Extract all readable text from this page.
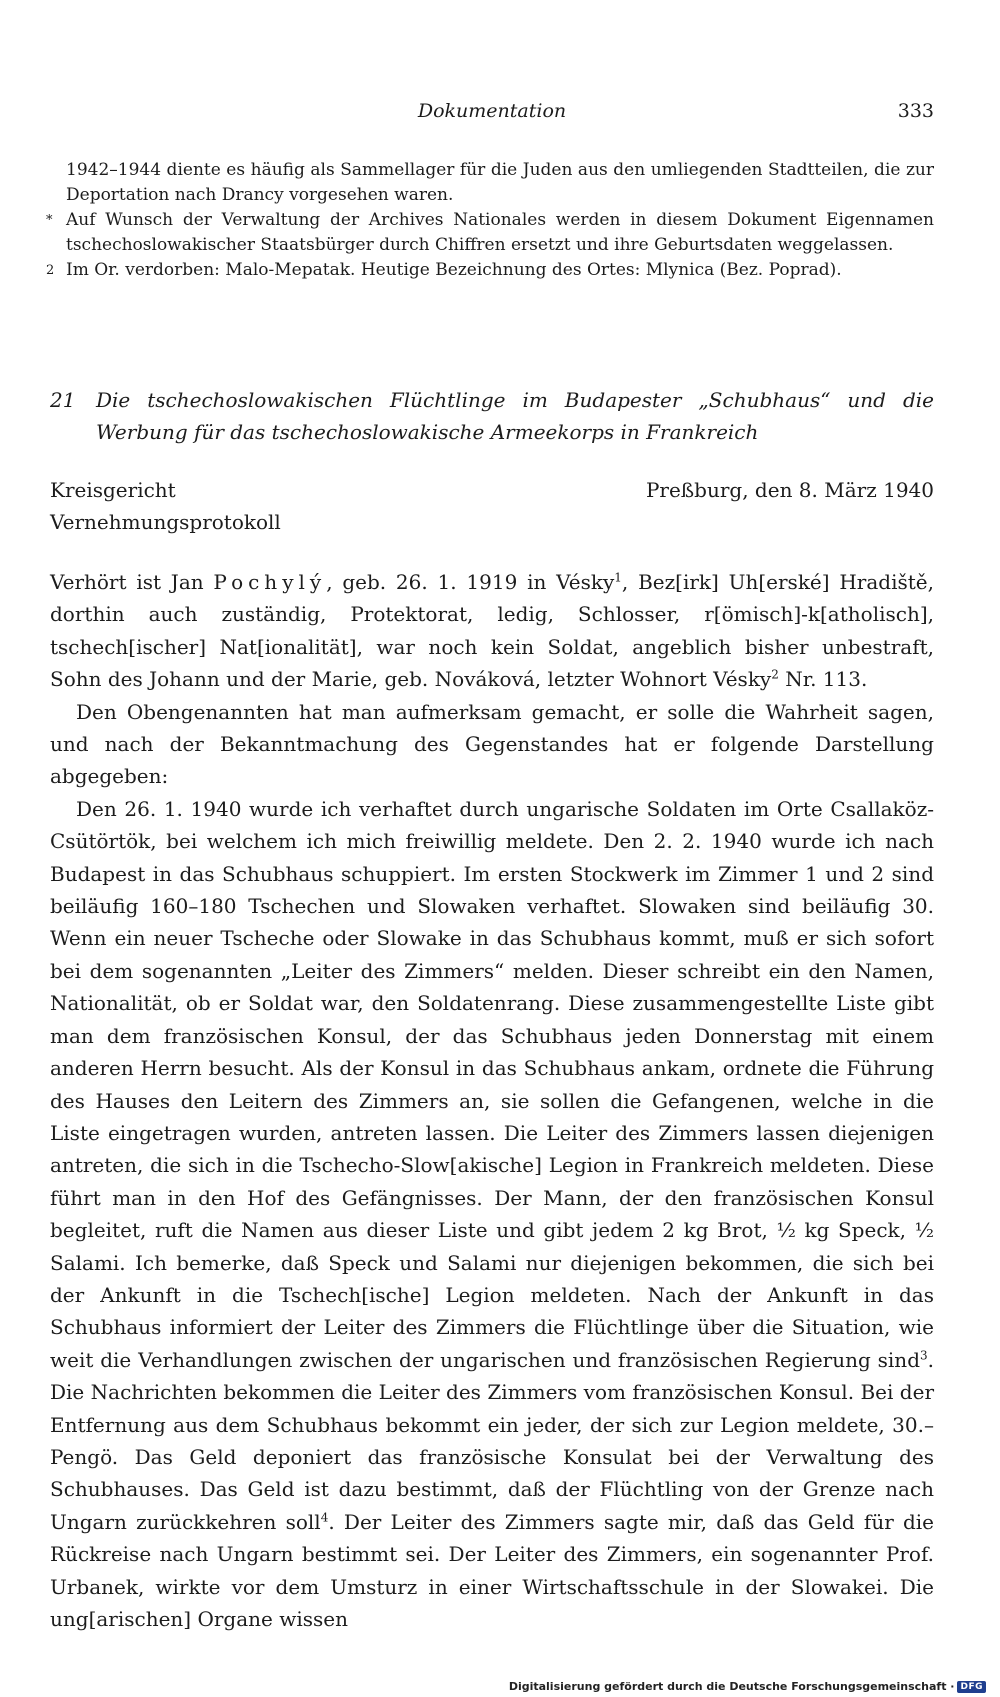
Dokumentation	333
1942–1944 diente es häufig als Sammellager für die Juden aus den umliegenden Stadtteilen, die zur Deportation nach Drancy vorgesehen waren.
* Auf Wunsch der Verwaltung der Archives Nationales werden in diesem Dokument Eigennamen tschechoslowakischer Staatsbürger durch Chiffren ersetzt und ihre Geburtsdaten weggelassen.
2 Im Or. verdorben: Malo-Mepatak. Heutige Bezeichnung des Ortes: Mlynica (Bez. Poprad).
21 Die tschechoslowakischen Flüchtlinge im Budapester „Schubhaus“ und die Werbung für das tschechoslowakische Armeekorps in Frankreich
Kreisgericht
Vernehmungsprotokoll
Preßburg, den 8. März 1940

Verhört ist Jan Pochylý, geb. 26. 1. 1919 in Vésky$^1$, Bez[irk] Uh[erské] Hradiště, dorthin auch zuständig, Protektorat, ledig, Schlosser, r[ömisch]-k[atholisch], tschech[ischer] Nat[ionalität], war noch kein Soldat, angeblich bisher unbestraft, Sohn des Johann und der Marie, geb. Nováková, letzter Wohnort Vésky$^2$ Nr. 113.

Den Obengenannten hat man aufmerksam gemacht, er solle die Wahrheit sagen, und nach der Bekanntmachung des Gegenstandes hat er folgende Darstellung abgegeben:

Den 26. 1. 1940 wurde ich verhaftet durch ungarische Soldaten im Orte Csallaköz-Csütörtök, bei welchem ich mich freiwillig meldete. Den 2. 2. 1940 wurde ich nach Budapest in das Schubhaus schuppiert. Im ersten Stockwerk im Zimmer 1 und 2 sind beiläufig 160–180 Tschechen und Slowaken verhaftet. Slowaken sind beiläufig 30. Wenn ein neuer Tscheche oder Slowake in das Schubhaus kommt, muß er sich sofort bei dem sogenannten „Leiter des Zimmers“ melden. Dieser schreibt ein den Namen, Nationalität, ob er Soldat war, den Soldatenrang. Diese zusammengestellte Liste gibt man dem französischen Konsul, der das Schubhaus jeden Donnerstag mit einem anderen Herrn besucht. Als der Konsul in das Schubhaus ankam, ordnete die Führung des Hauses den Leitern des Zimmers an, sie sollen die Gefangenen, welche in die Liste eingetragen wurden, antreten lassen. Die Leiter des Zimmers lassen diejenigen antreten, die sich in die Tschecho-Slow[akische] Legion in Frankreich meldeten. Diese führt man in den Hof des Gefängnisses. Der Mann, der den französischen Konsul begleitet, ruft die Namen aus dieser Liste und gibt jedem 2 kg Brot, ½ kg Speck, ½ Salami. Ich bemerke, daß Speck und Salami nur diejenigen bekommen, die sich bei der Ankunft in die Tschech[ische] Legion meldeten. Nach der Ankunft in das Schubhaus informiert der Leiter des Zimmers die Flüchtlinge über die Situation, wie weit die Verhandlungen zwischen der ungarischen und französischen Regierung sind$^3$. Die Nachrichten bekommen die Leiter des Zimmers vom französischen Konsul. Bei der Entfernung aus dem Schubhaus bekommt ein jeder, der sich zur Legion meldete, 30.– Pengö. Das Geld deponiert das französische Konsulat bei der Verwaltung des Schubhauses. Das Geld ist dazu bestimmt, daß der Flüchtling von der Grenze nach Ungarn zurückkehren soll$^4$. Der Leiter des Zimmers sagte mir, daß das Geld für die Rückreise nach Ungarn bestimmt sei. Der Leiter des Zimmers, ein sogenannter Prof. Urbanek, wirkte vor dem Umsturz in einer Wirtschaftsschule in der Slowakei. Die ung[arischen] Organe wissen

Digitalisierung gefördert durch die Deutsche Forschungsgemeinschaft · DFG
